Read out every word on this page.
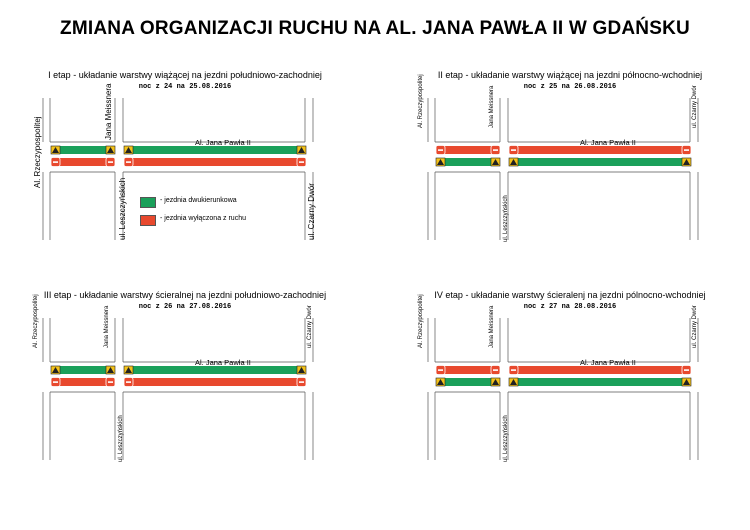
ZMIANA ORGANIZACJI RUCHU NA AL. JANA PAWŁA II W GDAŃSKU
I etap - układanie warstwy wiążącej na jezdni południowo-zachodniej
noc z 24 na 25.08.2016
Al. Jana Pawła II
Al. Rzeczypospolitej
Jana Meissnera
ul. Leszczyńskich	ul. Czarny Dwór
- jezdnia dwukierunkowa
- jezdnia wyłączona z ruchu
II etap - układanie warstwy wiążącej na jezdni północno-wchodniej
noc z 25 na 26.08.2016
Al. Jana Pawła II
Al. Rzeczypospolitej	Jana Meissnera
ul. Leszczyńskich
ul. Czarny Dwór
III etap - układanie warstwy ścieralnej na jezdni południowo-zachodniej
noc z 26 na 27.08.2016
Al. Jana Pawła II
Al. Rzeczypospolitej	Jana Meissnera
ul. Leszczyńskich
ul. Czarny Dwór
IV etap - układanie warstwy ścieralenj na jezdni pólnocno-wchodniej
noc z 27 na 28.08.2016
Al. Jana Pawła II
Al. Rzeczypospolitej	Jana Meissnera
ul. Leszczyńskich
ul. Czarny Dwór
